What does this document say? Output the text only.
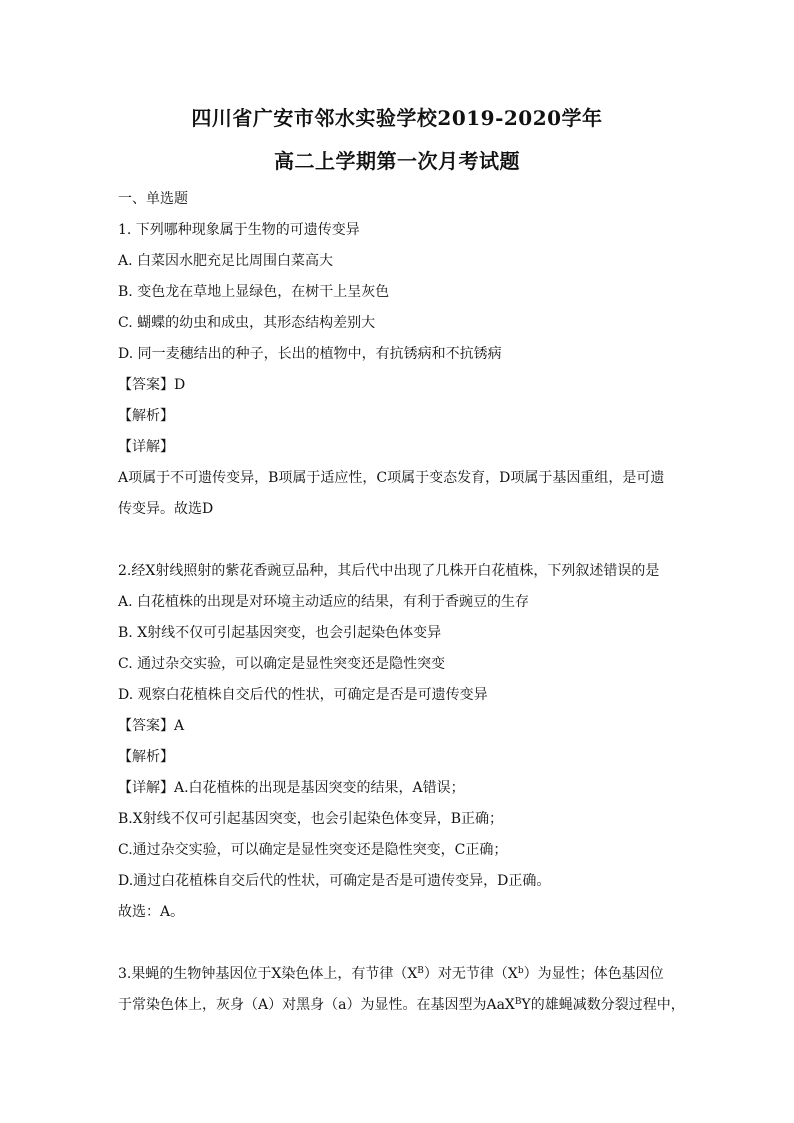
四川省广安市邻水实验学校2019-2020学年
高二上学期第一次月考试题
一、单选题
1. 下列哪种现象属于生物的可遗传变异
A. 白菜因水肥充足比周围白菜高大
B. 变色龙在草地上显绿色，在树干上呈灰色
C. 蝴蝶的幼虫和成虫，其形态结构差别大
D. 同一麦穗结出的种子，长出的植物中，有抗锈病和不抗锈病
【答案】D
【解析】
【详解】
A项属于不可遗传变异，B项属于适应性，C项属于变态发育，D项属于基因重组，是可遗
传变异。故选D
2.经X射线照射的紫花香豌豆品种，其后代中出现了几株开白花植株，下列叙述错误的是
A. 白花植株的出现是对环境主动适应的结果，有利于香豌豆的生存
B. X射线不仅可引起基因突变，也会引起染色体变异
C. 通过杂交实验，可以确定是显性突变还是隐性突变
D. 观察白花植株自交后代的性状，可确定是否是可遗传变异
【答案】A
【解析】
【详解】A.白花植株的出现是基因突变的结果，A错误；
B.X射线不仅可引起基因突变，也会引起染色体变异，B正确；
C.通过杂交实验，可以确定是显性突变还是隐性突变，C正确；
D.通过白花植株自交后代的性状，可确定是否是可遗传变异，D正确。
故选：A。
3.果蝇的生物钟基因位于X染色体上，有节律$(X^B)$对无节律$(X^b)$为显性；体色基因位
于常染色体上，灰身（A）对黑身（a）为显性。在基因型为AaX$^B$Y的雄蝇减数分裂过程中，
